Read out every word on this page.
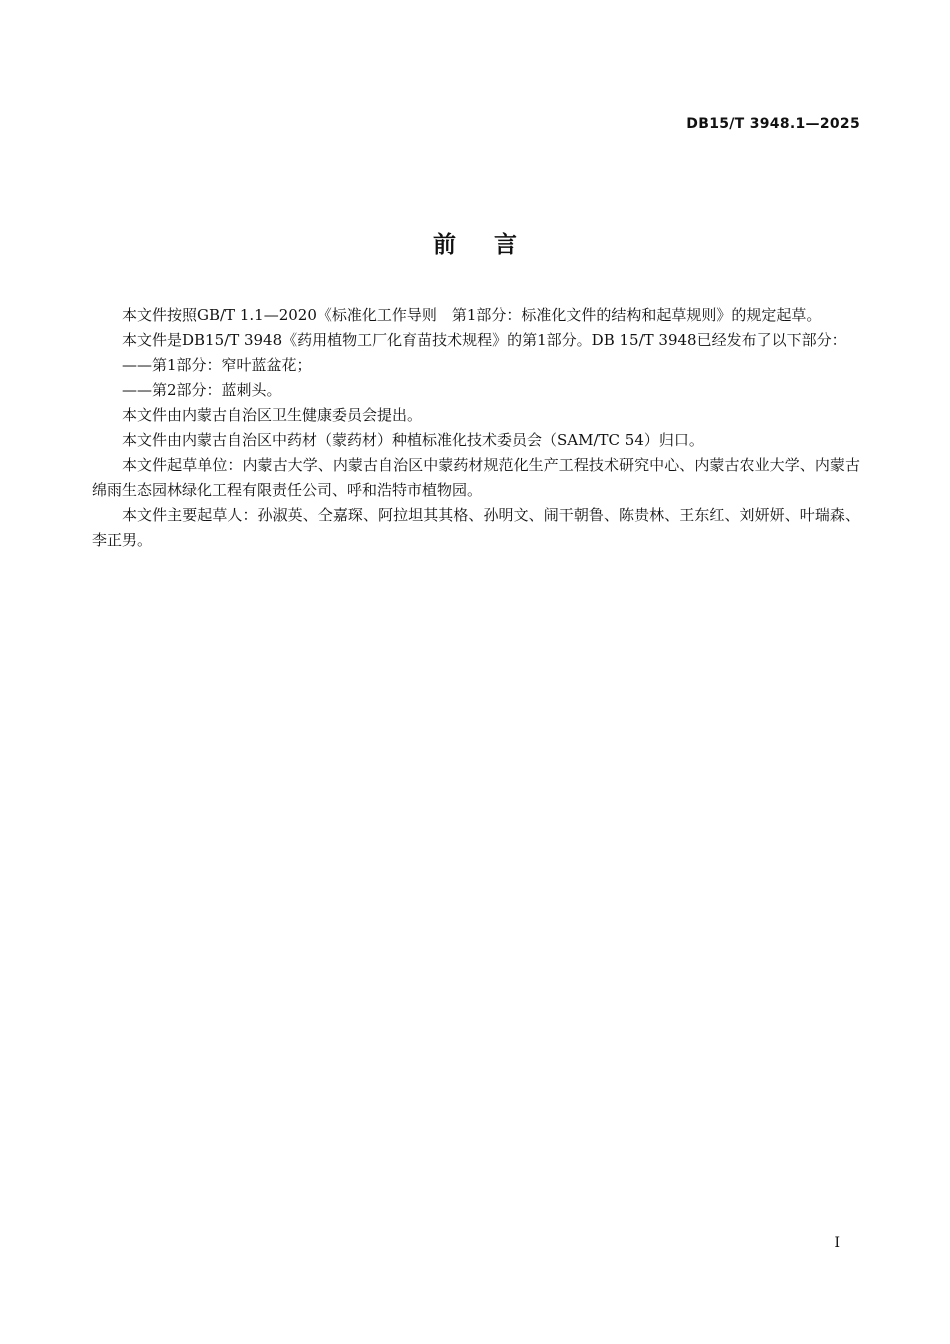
DB15/T 3948.1—2025
前言

本文件按照GB/T 1.1—2020《标准化工作导则　第1部分：标准化文件的结构和起草规则》的规定起草。

本文件是DB15/T 3948《药用植物工厂化育苗技术规程》的第1部分。DB 15/T 3948已经发布了以下部分：

——第1部分：窄叶蓝盆花；

——第2部分：蓝刺头。

本文件由内蒙古自治区卫生健康委员会提出。

本文件由内蒙古自治区中药材（蒙药材）种植标准化技术委员会（SAM/TC 54）归口。

本文件起草单位：内蒙古大学、内蒙古自治区中蒙药材规范化生产工程技术研究中心、内蒙古农业大学、内蒙古绵雨生态园林绿化工程有限责任公司、呼和浩特市植物园。

本文件主要起草人：孙淑英、仝嘉琛、阿拉坦其其格、孙明文、闹干朝鲁、陈贵林、王东红、刘妍妍、叶瑞森、李正男。

I
